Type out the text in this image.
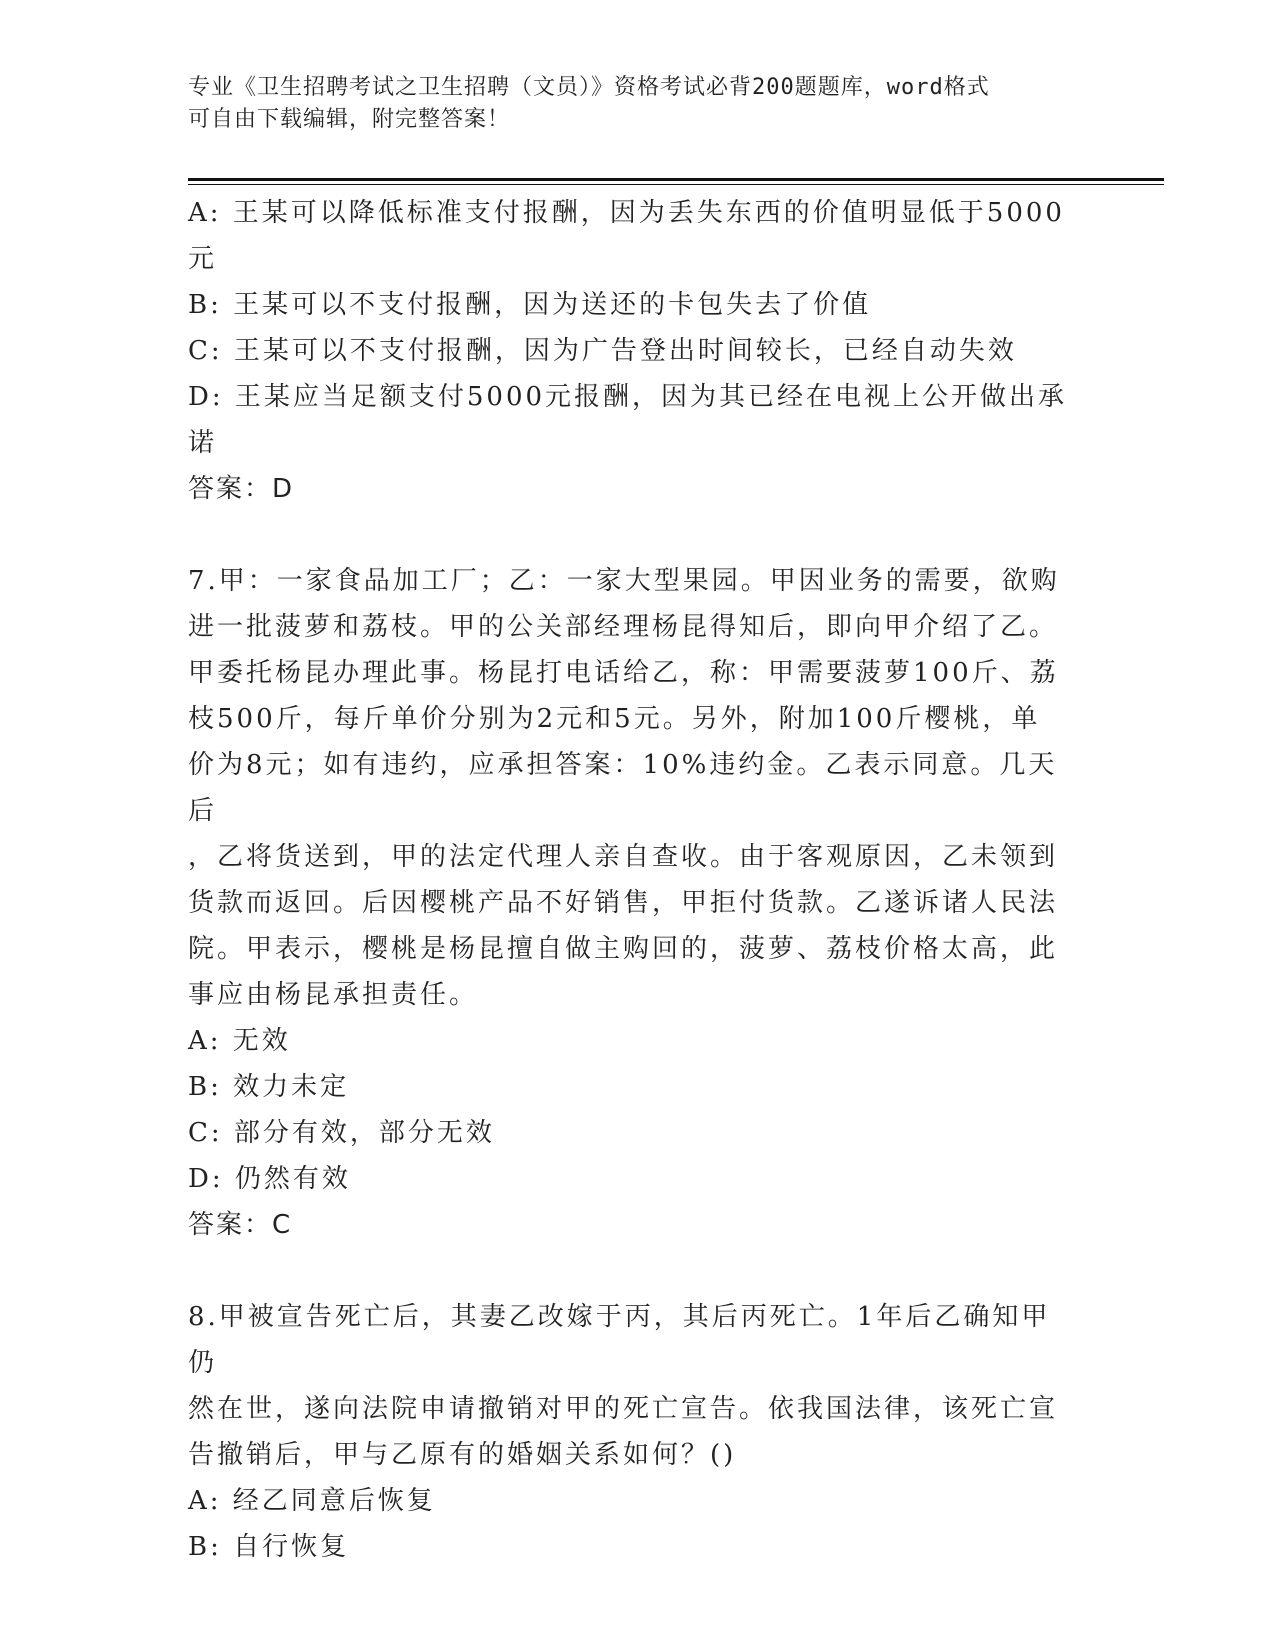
专业《卫生招聘考试之卫生招聘（文员）》资格考试必背200题题库，word格式
可自由下载编辑，附完整答案！

A: 王某可以降低标准支付报酬，因为丢失东西的价值明显低于5000

元

B: 王某可以不支付报酬，因为送还的卡包失去了价值

C: 王某可以不支付报酬，因为广告登出时间较长，已经自动失效

D: 王某应当足额支付5000元报酬，因为其已经在电视上公开做出承

诺

答案：D

7.甲：一家食品加工厂；乙：一家大型果园。甲因业务的需要，欲购

进一批菠萝和荔枝。甲的公关部经理杨昆得知后，即向甲介绍了乙。

甲委托杨昆办理此事。杨昆打电话给乙，称：甲需要菠萝100斤、荔

枝500斤，每斤单价分别为2元和5元。另外，附加100斤樱桃，单

价为8元；如有违约，应承担答案：10%违约金。乙表示同意。几天后

，乙将货送到，甲的法定代理人亲自查收。由于客观原因，乙未领到

货款而返回。后因樱桃产品不好销售，甲拒付货款。乙遂诉诸人民法

院。甲表示，樱桃是杨昆擅自做主购回的，菠萝、荔枝价格太高，此

事应由杨昆承担责任。

A: 无效

B: 效力未定

C: 部分有效，部分无效

D: 仍然有效

答案：C

8.甲被宣告死亡后，其妻乙改嫁于丙，其后丙死亡。1年后乙确知甲仍

然在世，遂向法院申请撤销对甲的死亡宣告。依我国法律，该死亡宣

告撤销后，甲与乙原有的婚姻关系如何？()

A: 经乙同意后恢复

B: 自行恢复
